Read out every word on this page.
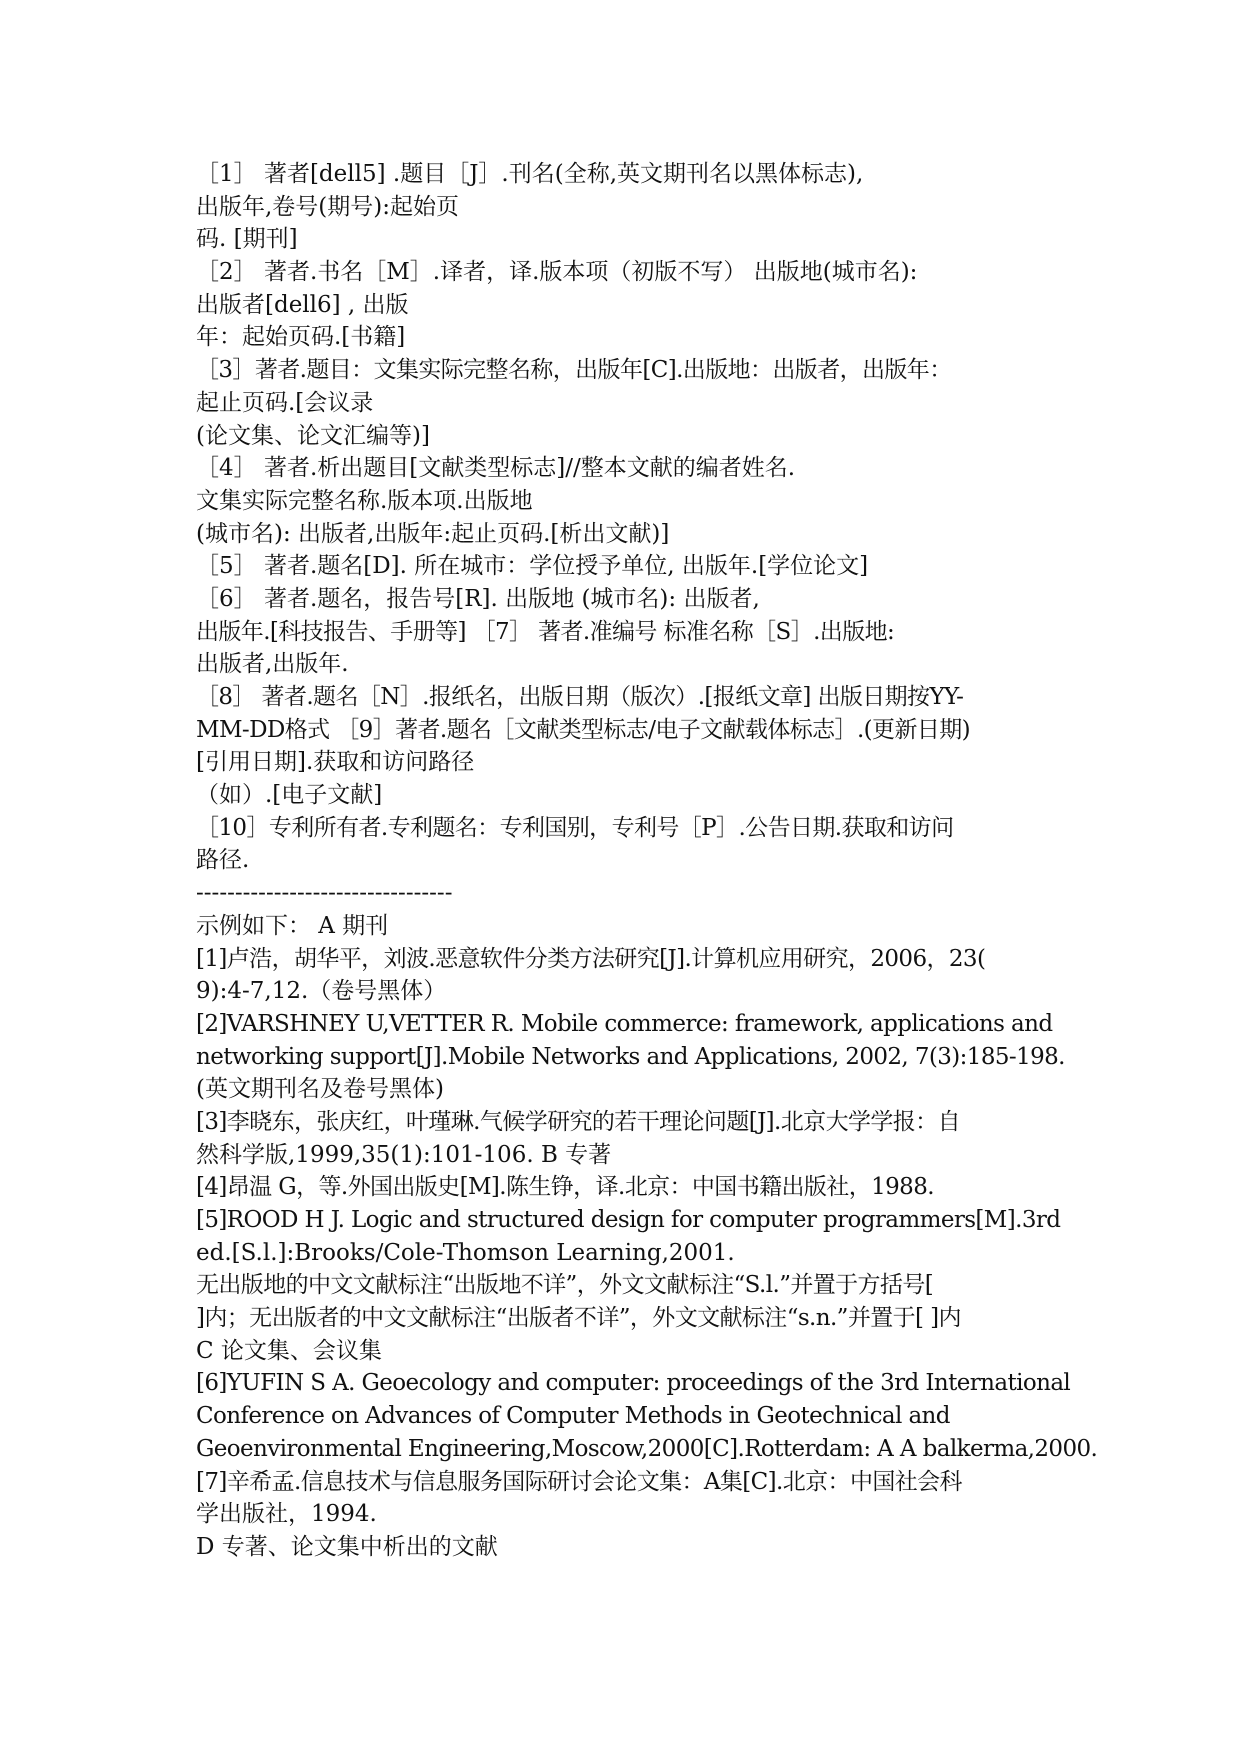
［1］ 著者[dell5] .题目［J］.刊名(全称,英文期刊名以黑体标志),
出版年,卷号(期号):起始页
码. [期刊]
［2］ 著者.书名［M］.译者，译.版本项（初版不写） 出版地(城市名):
出版者[dell6] , 出版
年：起始页码.[书籍]
［3］著者.题目：文集实际完整名称，出版年[C].出版地：出版者，出版年：
起止页码.[会议录
(论文集、论文汇编等)]
［4］ 著者.析出题目[文献类型标志]//整本文献的编者姓名.
文集实际完整名称.版本项.出版地
(城市名): 出版者,出版年:起止页码.[析出文献)]
［5］ 著者.题名[D]. 所在城市：学位授予单位, 出版年.[学位论文]
［6］ 著者.题名，报告号[R]. 出版地 (城市名): 出版者,
出版年.[科技报告、手册等] ［7］ 著者.准编号 标准名称［S］.出版地:
出版者,出版年.
［8］ 著者.题名［N］.报纸名，出版日期（版次）.[报纸文章] 出版日期按YY-
MM-DD格式 ［9］著者.题名［文献类型标志/电子文献载体标志］.(更新日期)
[引用日期].获取和访问路径
（如）.[电子文献]
［10］专利所有者.专利题名：专利国别，专利号［P］.公告日期.获取和访问
路径.
---------------------------------
示例如下： A 期刊
[1]卢浩，胡华平，刘波.恶意软件分类方法研究[J].计算机应用研究，2006，23(
9):4-7,12.（卷号黑体）
[2]VARSHNEY U,VETTER R. Mobile commerce: framework, applications and
networking support[J].Mobile Networks and Applications, 2002, 7(3):185-198.
(英文期刊名及卷号黑体)
[3]李晓东，张庆红，叶瑾琳.气候学研究的若干理论问题[J].北京大学学报：自
然科学版,1999,35(1):101-106. B 专著
[4]昂温 G，等.外国出版史[M].陈生铮，译.北京：中国书籍出版社，1988.
[5]ROOD H J. Logic and structured design for computer programmers[M].3rd
ed.[S.l.]:Brooks/Cole-Thomson Learning,2001.
无出版地的中文文献标注“出版地不详”，外文文献标注“S.l.”并置于方括号[
]内；无出版者的中文文献标注“出版者不详”，外文文献标注“s.n.”并置于[ ]内
C 论文集、会议集
[6]YUFIN S A. Geoecology and computer: proceedings of the 3rd International
Conference on Advances of Computer Methods in Geotechnical and
Geoenvironmental Engineering,Moscow,2000[C].Rotterdam: A A balkerma,2000.
[7]辛希孟.信息技术与信息服务国际研讨会论文集：A集[C].北京：中国社会科
学出版社，1994.
D 专著、论文集中析出的文献
